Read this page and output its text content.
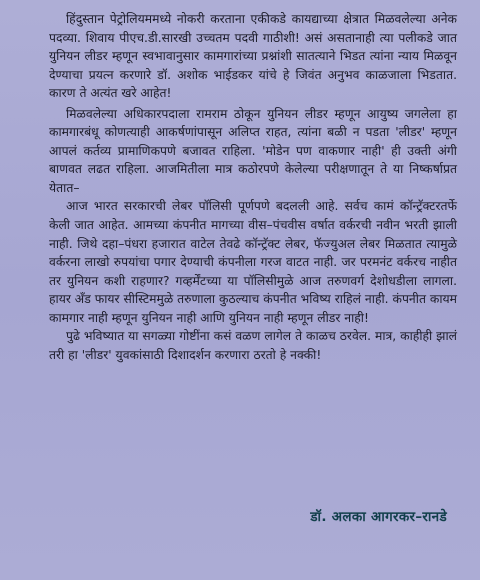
हिंदुस्तान पेट्रोलियममध्ये नोकरी करताना एकीकडे कायद्याच्या क्षेत्रात मिळवलेल्या अनेक पदव्या. शिवाय पीएच.डी.सारखी उच्चतम पदवी गाठीशी! असं असतानाही त्या पलीकडे जात युनियन लीडर म्हणून स्वभावानुसार कामगारांच्या प्रश्नांशी सातत्याने भिडत त्यांना न्याय मिळवून देण्याचा प्रयत्न करणारे डॉ. अशोक भाईडकर यांचे हे जिवंत अनुभव काळजाला भिडतात. कारण ते अत्यंत खरे आहेत!

मिळवलेल्या अधिकारपदाला रामराम ठोकून युनियन लीडर म्हणून आयुष्य जगलेला हा कामगारबंधू कोणत्याही आकर्षणांपासून अलिप्त राहत, त्यांना बळी न पडता 'लीडर' म्हणून आपलं कर्तव्य प्रामाणिकपणे बजावत राहिला. 'मोडेन पण वाकणार नाही' ही उक्ती अंगी बाणवत लढत राहिला. आजमितीला मात्र कठोरपणे केलेल्या परीक्षणातून ते या निष्कर्षाप्रत येतात–

आज भारत सरकारची लेबर पॉलिसी पूर्णपणे बदलली आहे. सर्वच कामं कॉन्ट्रॅक्टरतर्फे केली जात आहेत. आमच्या कंपनीत मागच्या वीस–पंचवीस वर्षात वर्करची नवीन भरती झाली नाही. जिथे दहा–पंधरा हजारात वाटेल तेवढे कॉन्ट्रॅक्ट लेबर, फॅज्युअल लेबर मिळतात त्यामुळे वर्करना लाखो रुपयांचा पगार देण्याची कंपनीला गरज वाटत नाही. जर परमनंट वर्करच नाहीत तर युनियन कशी राहणार? गव्हर्मेंटच्या या पॉलिसीमुळे आज तरुणवर्ग देशोधडीला लागला. हायर अँड फायर सीस्टिममुळे तरुणाला कुठल्याच कंपनीत भविष्य राहिलं नाही. कंपनीत कायम कामगार नाही म्हणून युनियन नाही आणि युनियन नाही म्हणून लीडर नाही!

पुढे भविष्यात या सगळ्या गोष्टींना कसं वळण लागेल ते काळच ठरवेल. मात्र, काहीही झालं तरी हा 'लीडर' युवकांसाठी दिशादर्शन करणारा ठरतो हे नक्की!

डॉ. अलका आगरकर–रानडे
